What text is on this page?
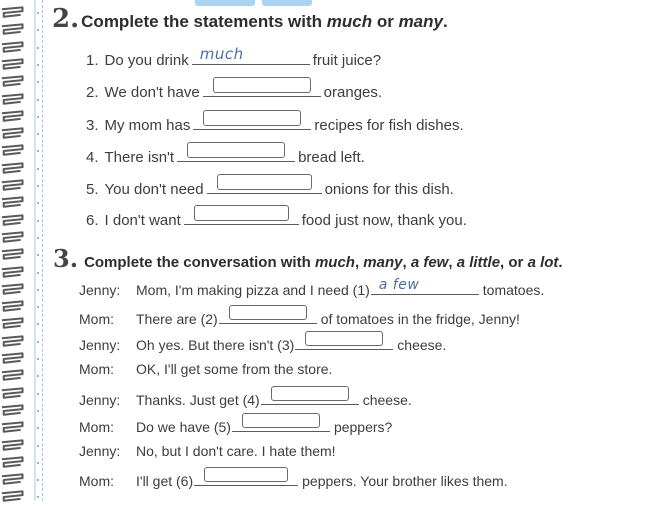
2. Complete the statements with much or many.
1. Do you drink much	fruit juice?
2. We don't have	oranges.
3. My mom has	recipes for fish dishes.
4. There isn't	bread left.
5. You don't need	onions for this dish.
6. I don't want	food just now, thank you.
3. Complete the conversation with much, many, a few, a little, or a lot.
Jenny: Mom, I'm making pizza and I need (1) a few	tomatoes.
Mom: There are (2)	of tomatoes in the fridge, Jenny!
Jenny: Oh yes. But there isn't (3)	cheese.
Mom: OK, I'll get some from the store.
Jenny: Thanks. Just get (4)	cheese.
Mom: Do we have (5)	peppers?
Jenny: No, but I don't care. I hate them!
Mom: I'll get (6)	peppers. Your brother likes them.
